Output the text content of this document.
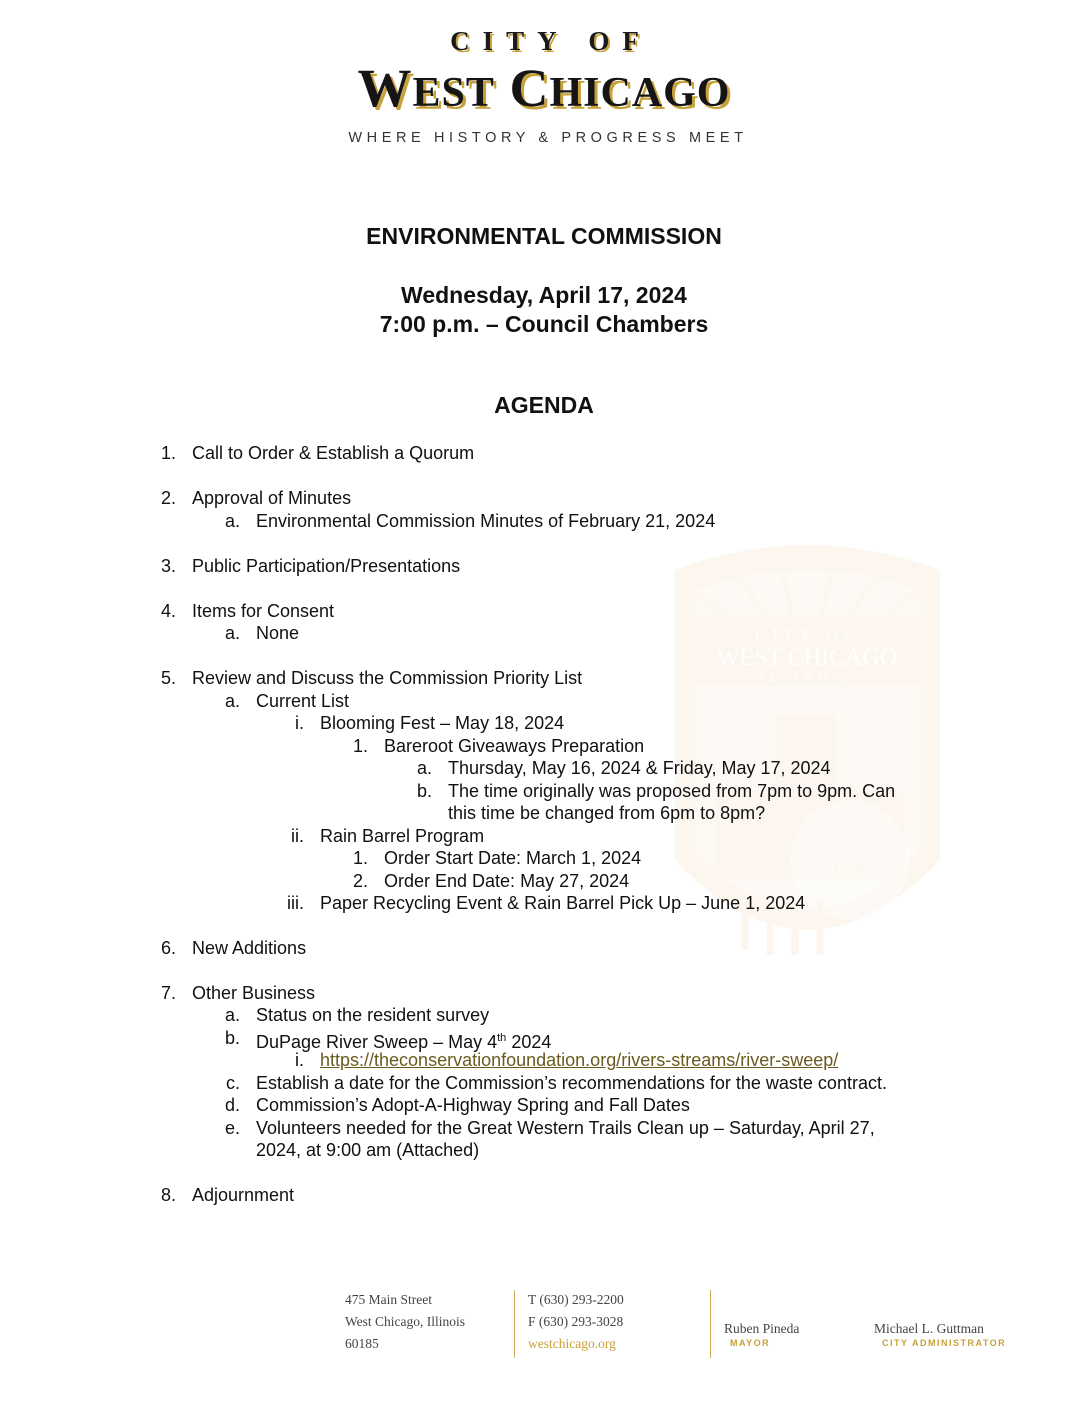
CITY OF
WEST CHICAGO
WHERE HISTORY & PROGRESS MEET
CITY OF
WEST CHICAGO
ILLINOIS
1906
ENVIRONMENTAL COMMISSION
Wednesday, April 17, 2024
7:00 p.m. – Council Chambers
AGENDA
1. Call to Order & Establish a Quorum
2. Approval of Minutes
a. Environmental Commission Minutes of February 21, 2024
3. Public Participation/Presentations
4. Items for Consent
a. None
5. Review and Discuss the Commission Priority List
a. Current List
i. Blooming Fest – May 18, 2024
1. Bareroot Giveaways Preparation
a. Thursday, May 16, 2024 & Friday, May 17, 2024
b. The time originally was proposed from 7pm to 9pm. Can
this time be changed from 6pm to 8pm?
ii. Rain Barrel Program
1. Order Start Date: March 1, 2024
2. Order End Date: May 27, 2024
iii. Paper Recycling Event & Rain Barrel Pick Up – June 1, 2024
6. New Additions
7. Other Business
a. Status on the resident survey
b. DuPage River Sweep – May 4th 2024
i. https://theconservationfoundation.org/rivers-streams/river-sweep/
c. Establish a date for the Commission’s recommendations for the waste contract.
d. Commission’s Adopt-A-Highway Spring and Fall Dates
e. Volunteers needed for the Great Western Trails Clean up – Saturday, April 27,
2024, at 9:00 am (Attached)
8. Adjournment
475 Main Street
West Chicago, Illinois
60185
T (630) 293-2200
F (630) 293-3028
westchicago.org
Ruben Pineda
MAYOR
Michael L. Guttman
CITY ADMINISTRATOR
